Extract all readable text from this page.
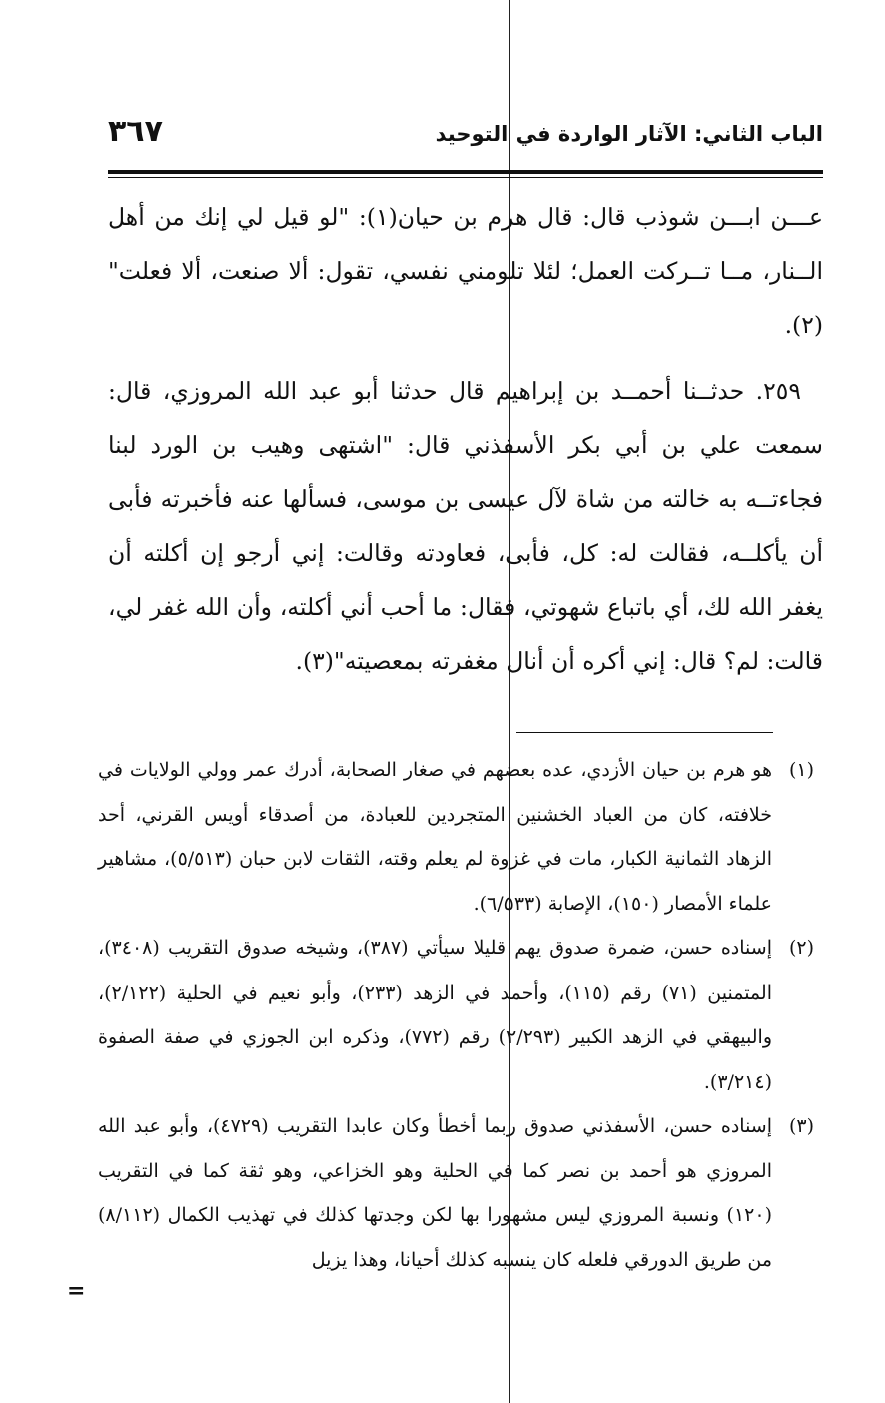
الباب الثاني: الآثار الواردة في التوحيد
٣٦٧

عـــن ابـــن شوذب قال: قال هرم بن حيان(١): "لو قيل لي إنك من أهل الــنار، مــا تــركت العمل؛ لئلا تلومني نفسي، تقول: ألا صنعت، ألا فعلت"(٢).

٢٥٩. حدثــنا أحمــد بن إبراهيم قال حدثنا أبو عبد الله المروزي، قال: سمعت علي بن أبي بكر الأسفذني قال: "اشتهى وهيب بن الورد لبنا فجاءتــه به خالته من شاة لآل عيسى بن موسى، فسألها عنه فأخبرته فأبى أن يأكلــه، فقالت له: كل، فأبى، فعاودته وقالت: إني أرجو إن أكلته أن يغفر الله لك، أي باتباع شهوتي، فقال: ما أحب أني أكلته، وأن الله غفر لي، قالت: لم؟ قال: إني أكره أن أنال مغفرته بمعصيته"(٣).

(١)
هو هرم بن حيان الأزدي، عده بعضهم في صغار الصحابة، أدرك عمر وولي الولايات في خلافته، كان من العباد الخشنين المتجردين للعبادة، من أصدقاء أويس القرني، أحد الزهاد الثمانية الكبار، مات في غزوة لم يعلم وقته، الثقات لابن حبان (٥/٥١٣)، مشاهير علماء الأمصار (١٥٠)، الإصابة (٦/٥٣٣).
(٢)
إسناده حسن، ضمرة صدوق يهم قليلا سيأتي (٣٨٧)، وشيخه صدوق التقريب (٣٤٠٨)، المتمنين (٧١) رقم (١١٥)، وأحمد في الزهد (٢٣٣)، وأبو نعيم في الحلية (٢/١٢٢)، والبيهقي في الزهد الكبير (٢/٢٩٣) رقم (٧٧٢)، وذكره ابن الجوزي في صفة الصفوة (٣/٢١٤).
(٣)
إسناده حسن، الأسفذني صدوق ربما أخطأ وكان عابدا التقريب (٤٧٢٩)، وأبو عبد الله المروزي هو أحمد بن نصر كما في الحلية وهو الخزاعي، وهو ثقة كما في التقريب (١٢٠) ونسبة المروزي ليس مشهورا بها لكن وجدتها كذلك في تهذيب الكمال (٨/١١٢) من طريق الدورقي فلعله كان ينسبه كذلك أحيانا، وهذا يزيل
=
